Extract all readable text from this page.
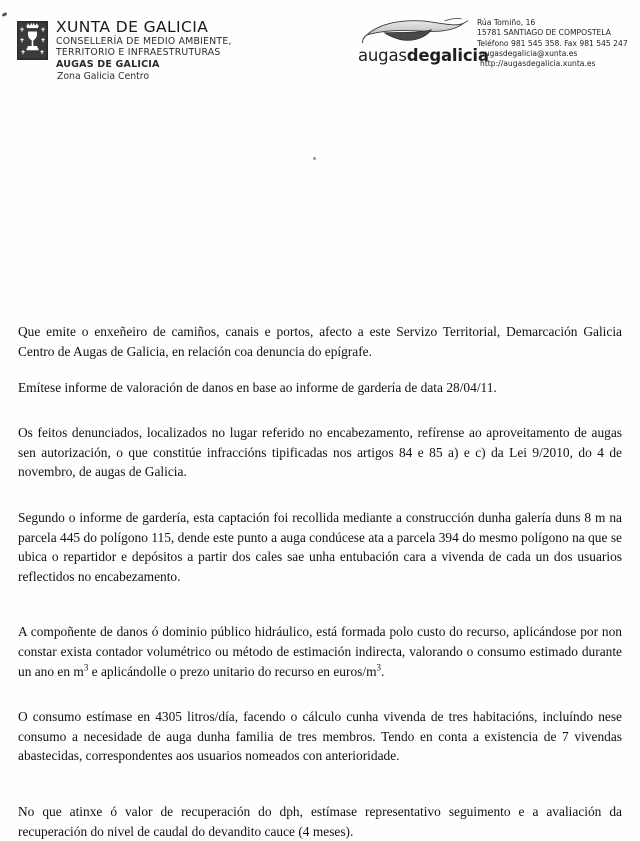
XUNTA DE GALICIA
CONSELLERÍA DE MEDIO AMBIENTE,
TERRITORIO E INFRAESTRUTURAS
AUGAS DE GALICIA
Zona Galicia Centro
augasdegalicia
Rúa Tomiño, 16
15781 SANTIAGO DE COMPOSTELA
Teléfono 981 545 358. Fax 981 545 247
augasdegalicia@xunta.es
http://augasdegalicia.xunta.es

Que emite o enxeñeiro de camiños, canais e portos, afecto a este Servizo Territorial, Demarcación Galicia Centro de Augas de Galicia, en relación coa denuncia do epígrafe.

Emítese informe de valoración de danos en base ao informe de gardería de data 28/04/11.

Os feitos denunciados, localizados no lugar referido no encabezamento, refírense ao aproveitamento de augas sen autorización, o que constitúe infraccións tipificadas nos artigos 84 e 85 a) e c) da Lei 9/2010, do 4 de novembro, de augas de Galicia.

Segundo o informe de gardería, esta captación foi recollida mediante a construcción dunha galería duns 8 m na parcela 445 do polígono 115, dende este punto a auga condúcese ata a parcela 394 do mesmo polígono na que se ubica o repartidor e depósitos a partir dos cales sae unha entubación cara a vivenda de cada un dos usuarios reflectidos no encabezamento.

A compoñente de danos ó dominio público hidráulico, está formada polo custo do recurso, aplicándose por non constar exista contador volumétrico ou método de estimación indirecta, valorando o consumo estimado durante un ano en $m^3$ e aplicándolle o prezo unitario do recurso en euros/$m^3$.

O consumo estímase en 4305 litros/día, facendo o cálculo cunha vivenda de tres habitacións, incluíndo nese consumo a necesidade de auga dunha familia de tres membros. Tendo en conta a existencia de 7 vivendas abastecidas, correspondentes aos usuarios nomeados con anterioridade.

No que atinxe ó valor de recuperación do dph, estímase representativo seguimento e a avaliación da recuperación do nivel de caudal do devandito cauce (4 meses).
